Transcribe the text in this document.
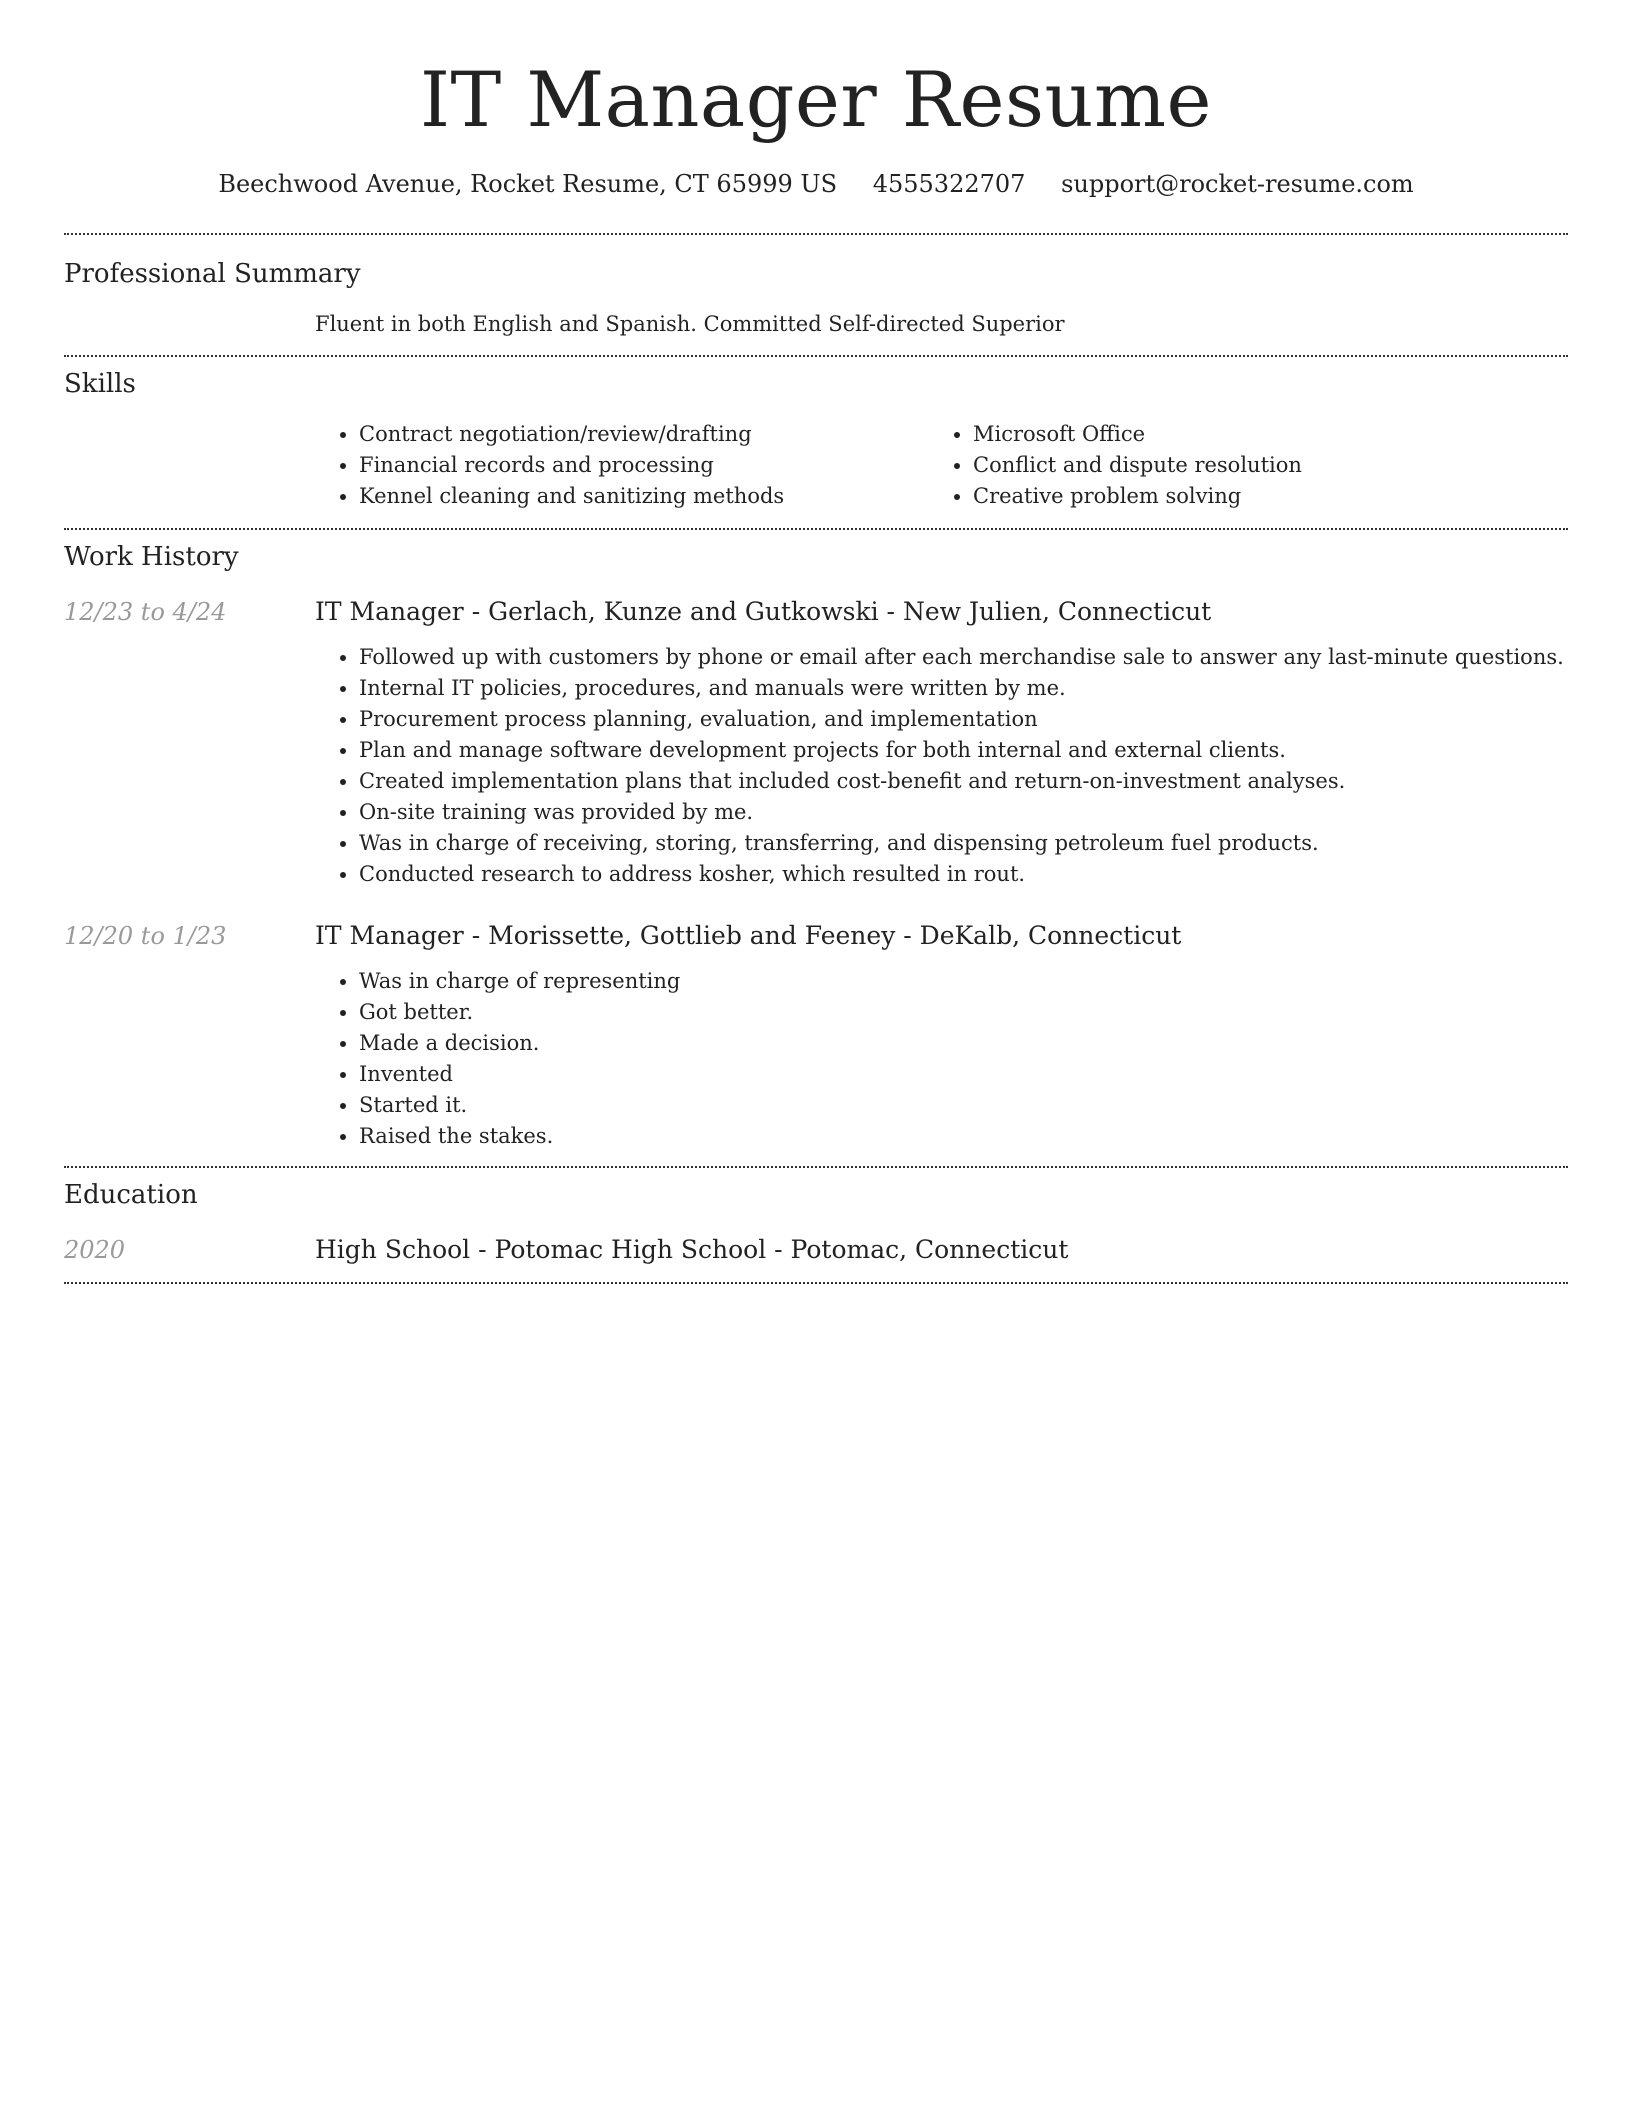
IT Manager Resume
Beechwood Avenue, Rocket Resume, CT 65999 US 4555322707 support@rocket-resume.com
Professional Summary
Fluent in both English and Spanish. Committed Self-directed Superior
Skills
• Contract negotiation/review/drafting
• Financial records and processing
• Kennel cleaning and sanitizing methods
• Microsoft Office
• Conflict and dispute resolution
• Creative problem solving
Work History
12/23 to 4/24	IT Manager - Gerlach, Kunze and Gutkowski - New Julien, Connecticut
• Followed up with customers by phone or email after each merchandise sale to answer any last-minute questions.
• Internal IT policies, procedures, and manuals were written by me.
• Procurement process planning, evaluation, and implementation
• Plan and manage software development projects for both internal and external clients.
• Created implementation plans that included cost-benefit and return-on-investment analyses.
• On-site training was provided by me.
• Was in charge of receiving, storing, transferring, and dispensing petroleum fuel products.
• Conducted research to address kosher, which resulted in rout.
12/20 to 1/23	IT Manager - Morissette, Gottlieb and Feeney - DeKalb, Connecticut
• Was in charge of representing
• Got better.
• Made a decision.
• Invented
• Started it.
• Raised the stakes.
Education
2020	High School - Potomac High School - Potomac, Connecticut
